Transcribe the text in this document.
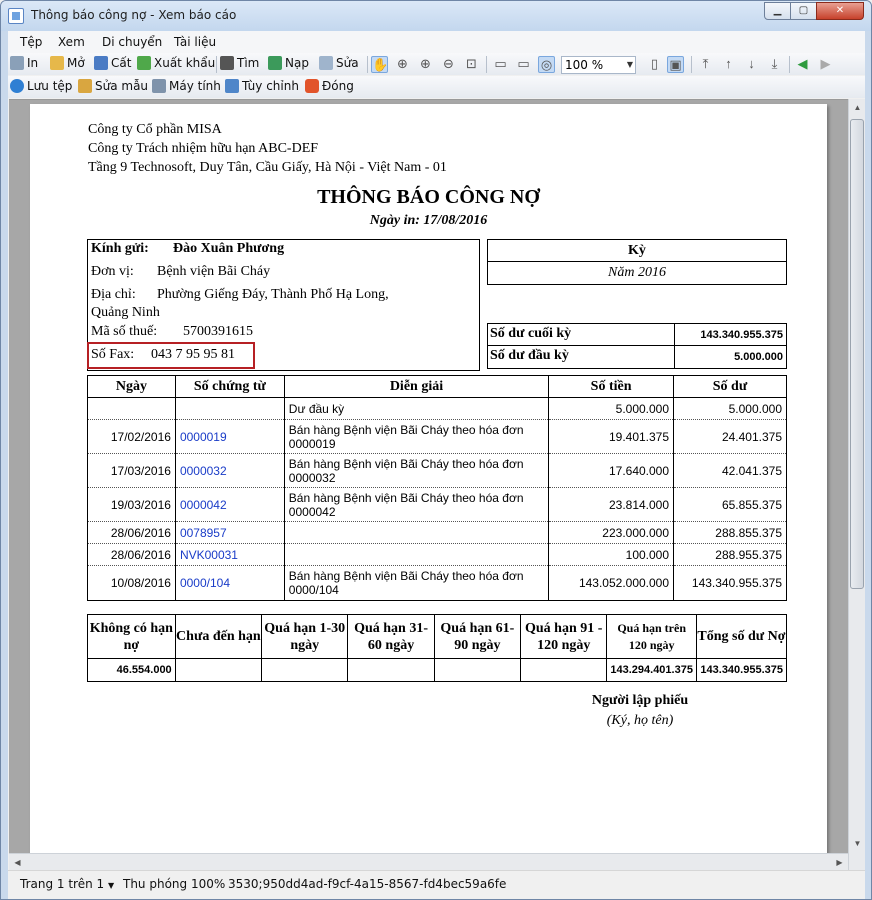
Thông báo công nợ - Xem báo cáo	▁	▢	✕
Tệp Xem Di chuyển Tài liệu
In	Mở	Cất	Xuất khẩu	Tìm	Nạp	Sửa ✋ ⊕ ⊕ ⊖ ⊡ ▭ ▭ ◎	100 %	▼	▯ ▣	⤒	↑	↓	⤓	◀ ▶
Lưu tệp	Sửa mẫu	Máy tính	Tùy chỉnh	Đóng
Công ty Cổ phần MISA
Công ty Trách nhiệm hữu hạn ABC-DEF
Tầng 9 Technosoft, Duy Tân, Cầu Giấy, Hà Nội - Việt Nam - 01
THÔNG BÁO CÔNG NỢ
Ngày in: 17/08/2016
Kính gửi: Đào Xuân Phương
Đơn vị: Bệnh viện Bãi Cháy
Địa chỉ: Phường Giếng Đáy, Thành Phố Hạ Long,
Quảng Ninh
Mã số thuế: 5700391615
Số Fax: 043 7 95 95 81
Kỳ
Năm 2016
Số dư cuối kỳ	143.340.955.375
Số dư đầu kỳ	5.000.000
Ngày	Số chứng từ	Diễn giải	Số tiền	Số dư
		Dư đầu kỳ	5.000.000	5.000.000
17/02/2016	0000019	Bán hàng Bệnh viện Bãi Cháy theo hóa đơn 0000019	19.401.375	24.401.375
17/03/2016	0000032	Bán hàng Bệnh viện Bãi Cháy theo hóa đơn 0000032	17.640.000	42.041.375
19/03/2016	0000042	Bán hàng Bệnh viện Bãi Cháy theo hóa đơn 0000042	23.814.000	65.855.375
28/06/2016	0078957		223.000.000	288.855.375
28/06/2016	NVK00031		100.000	288.955.375
10/08/2016	0000/104	Bán hàng Bệnh viện Bãi Cháy theo hóa đơn 0000/104	143.052.000.000	143.340.955.375
Không có hạn nợ	Chưa đến hạn	Quá hạn 1-30 ngày	Quá hạn 31-60 ngày	Quá hạn 61-90 ngày	Quá hạn 91 - 120 ngày	Quá hạn trên 120 ngày	Tổng số dư Nợ
46.554.000						143.294.401.375	143.340.955.375
Người lập phiếu
(Ký, họ tên)
▲
▼
◀	▶
Trang 1 trên 1 ▼ Thu phóng 100% 3530;950dd4ad-f9cf-4a15-8567-fd4bec59a6fe
